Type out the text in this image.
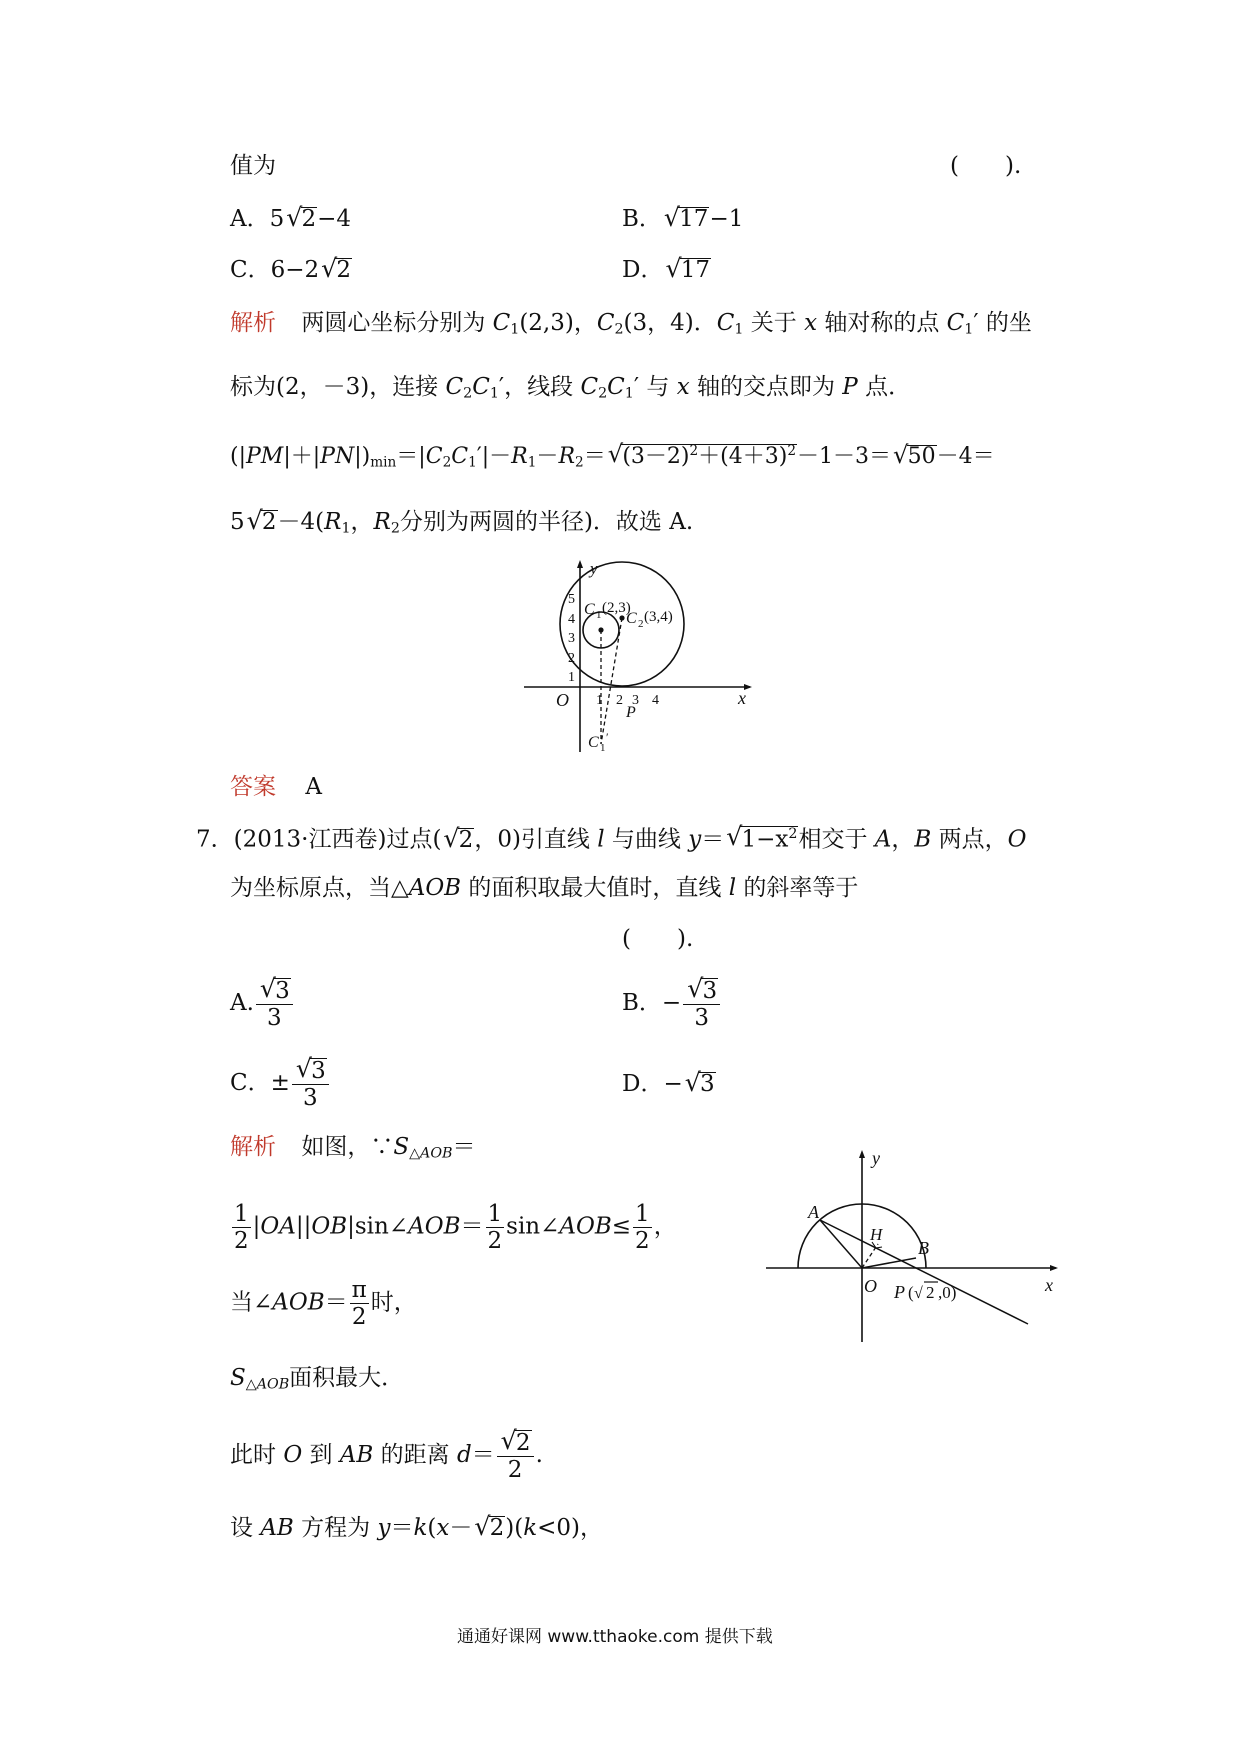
值为	(　　).
A．5√ 2−4	B．√ 17−1
C．6−2√ 2	D．√ 17
解析 两圆心坐标分别为 $C_1(2,3)$，$C_2(3$，4)．$C_1$ 关于 x 轴对称的点 $C_1'$ 的坐
标为(2，－3)，连接 $C_2C_1'$，线段 $C_2C_1'$ 与 x 轴的交点即为 P 点．
$(|PM|+|PN|)_{min}=|C_2C_1'|-R_1-R_2=√$ $(3-2)^2+(4+3)^2-1-3=√$ 50－4＝
5√ $2-4(R_1$，$R_2$分别为两圆的半径)．故选 A.
y
x
O
1
2
3
4
5
1 2 3 4
C 1 (2,3)
C 2 (3,4)
P
C 1
′
答案 A
7．(2013·江西卷)过点(√ 2，0)引直线 l 与曲线 y＝√ $1-x^2$相交于 A，B 两点，O
为坐标原点，当△AOB 的面积取最大值时，直线 l 的斜率等于
(　　).
A.
√ $\frac{3}{3}$	B．−
√ $\frac{3}{3}$
C．±
√ $\frac{3}{3}$	D．−√ 3
解析 如图，$\because S_{\triangle AOB}=$
$\frac{1}{2}$ |OA||OB|sin∠AOB＝ $\frac{1}{2}$ sin∠AOB≤ $\frac{1}{2}$ ，
当∠AOB＝ $\frac{\pi}{2}$ 时，
$S_{\triangle AOB}$面积最大．
此时 O 到 AB 的距离 d＝
√ $\frac{2}{2}$ .
设 AB 方程为 y＝k(x－√ 2)(k<0)，
y
x
O
A
H
B
P ( √ 2 ,0)
通通好课网 www.tthaoke.com 提供下载
